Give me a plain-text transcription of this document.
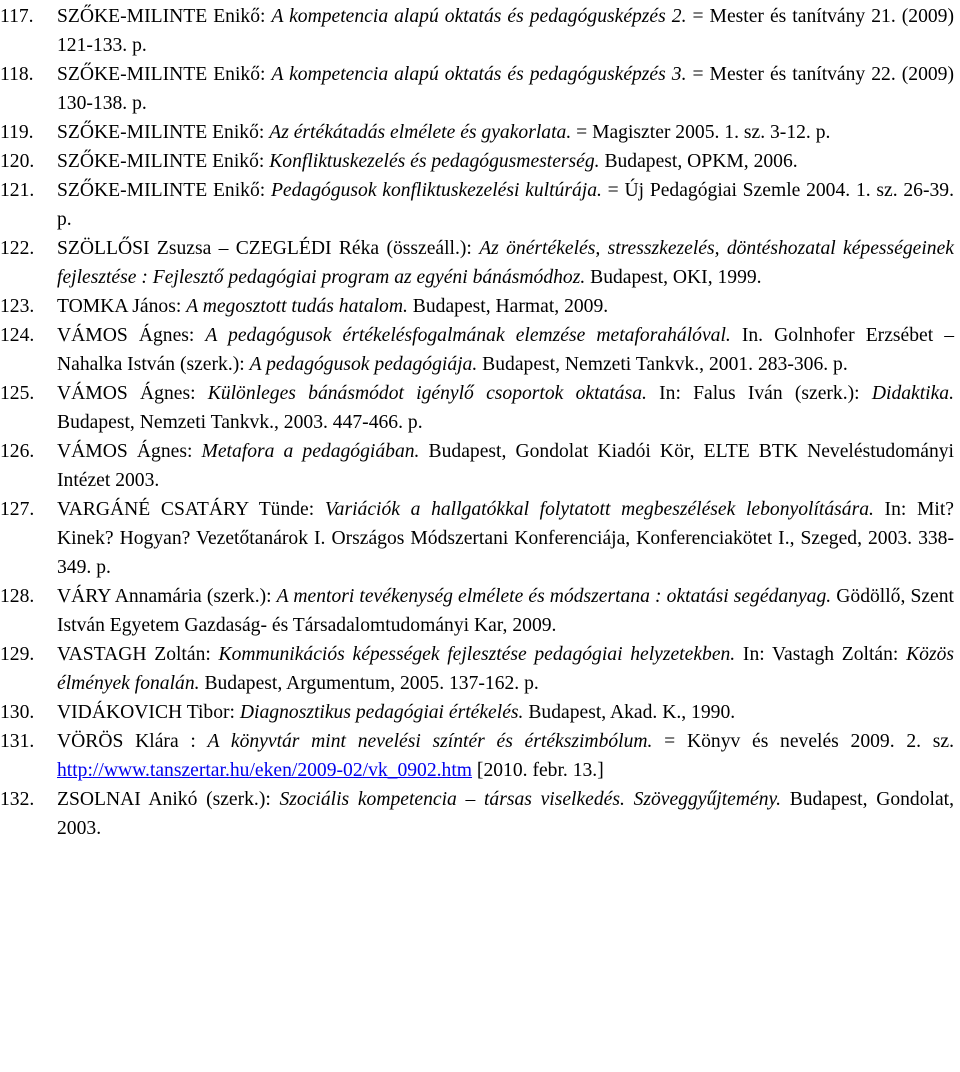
117. SZŐKE-MILINTE Enikő: A kompetencia alapú oktatás és pedagógusképzés 2. = Mester és tanítvány 21. (2009) 121-133. p.
118. SZŐKE-MILINTE Enikő: A kompetencia alapú oktatás és pedagógusképzés 3. = Mester és tanítvány 22. (2009) 130-138. p.
119. SZŐKE-MILINTE Enikő: Az értékátadás elmélete és gyakorlata. = Magiszter 2005. 1. sz. 3-12. p.
120. SZŐKE-MILINTE Enikő: Konfliktuskezelés és pedagógusmesterség. Budapest, OPKM, 2006.
121. SZŐKE-MILINTE Enikő: Pedagógusok konfliktuskezelési kultúrája. = Új Pedagógiai Szemle 2004. 1. sz. 26-39. p.
122. SZÖLLŐSI Zsuzsa – CZEGLÉDI Réka (összeáll.): Az önértékelés, stresszkezelés, döntéshozatal képességeinek fejlesztése : Fejlesztő pedagógiai program az egyéni bánásmódhoz. Budapest, OKI, 1999.
123. TOMKA János: A megosztott tudás hatalom. Budapest, Harmat, 2009.
124. VÁMOS Ágnes: A pedagógusok értékelésfogalmának elemzése metaforahálóval. In. Golnhofer Erzsébet – Nahalka István (szerk.): A pedagógusok pedagógiája. Budapest, Nemzeti Tankvk., 2001. 283-306. p.
125. VÁMOS Ágnes: Különleges bánásmódot igénylő csoportok oktatása. In: Falus Iván (szerk.): Didaktika. Budapest, Nemzeti Tankvk., 2003. 447-466. p.
126. VÁMOS Ágnes: Metafora a pedagógiában. Budapest, Gondolat Kiadói Kör, ELTE BTK Neveléstudományi Intézet 2003.
127. VARGÁNÉ CSATÁRY Tünde: Variációk a hallgatókkal folytatott megbeszélések lebonyolítására. In: Mit? Kinek? Hogyan? Vezetőtanárok I. Országos Módszertani Konferenciája, Konferenciakötet I., Szeged, 2003. 338-349. p.
128. VÁRY Annamária (szerk.): A mentori tevékenység elmélete és módszertana : oktatási segédanyag. Gödöllő, Szent István Egyetem Gazdaság- és Társadalomtudományi Kar, 2009.
129. VASTAGH Zoltán: Kommunikációs képességek fejlesztése pedagógiai helyzetekben. In: Vastagh Zoltán: Közös élmények fonalán. Budapest, Argumentum, 2005. 137-162. p.
130. VIDÁKOVICH Tibor: Diagnosztikus pedagógiai értékelés. Budapest, Akad. K., 1990.
131. VÖRÖS Klára : A könyvtár mint nevelési színtér és értékszimbólum. = Könyv és nevelés 2009. 2. sz. http://www.tanszertar.hu/eken/2009-02/vk_0902.htm [2010. febr. 13.]
132. ZSOLNAI Anikó (szerk.): Szociális kompetencia – társas viselkedés. Szöveggyűjtemény. Budapest, Gondolat, 2003.
